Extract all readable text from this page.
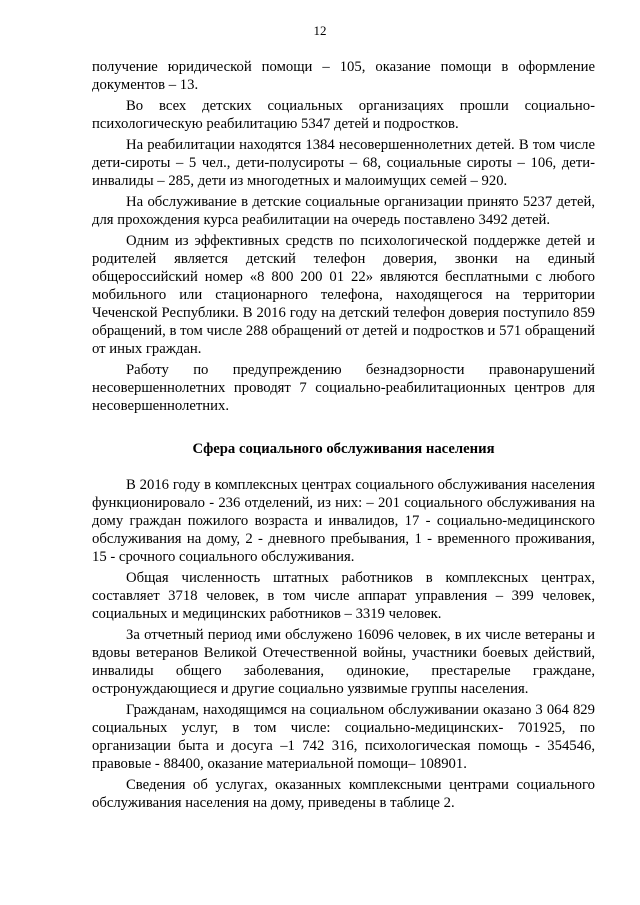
12

получение юридической помощи – 105, оказание помощи в оформление документов – 13.

Во всех детских социальных организациях прошли социально-психологическую реабилитацию 5347 детей и подростков.

На реабилитации находятся 1384 несовершеннолетних детей. В том числе дети-сироты – 5 чел., дети-полусироты – 68, социальные сироты – 106, дети-инвалиды – 285, дети из многодетных и малоимущих семей – 920.

На обслуживание в детские социальные организации принято 5237 детей, для прохождения курса реабилитации на очередь поставлено 3492 детей.

Одним из эффективных средств по психологической поддержке детей и родителей является детский телефон доверия, звонки на единый общероссийский номер «8 800 200 01 22» являются бесплатными с любого мобильного или стационарного телефона, находящегося на территории Чеченской Республики. В 2016 году на детский телефон доверия поступило 859 обращений, в том числе 288 обращений от детей и подростков и 571 обращений от иных граждан.

Работу по предупреждению безнадзорности правонарушений несовершеннолетних проводят 7 социально-реабилитационных центров для несовершеннолетних.

Сфера социального обслуживания населения

В 2016 году в комплексных центрах социального обслуживания населения функционировало - 236 отделений, из них: – 201 социального обслуживания на дому граждан пожилого возраста и инвалидов, 17 - социально-медицинского обслуживания на дому, 2 - дневного пребывания, 1 - временного проживания, 15 - срочного социального обслуживания.

Общая численность штатных работников в комплексных центрах, составляет 3718 человек, в том числе аппарат управления – 399 человек, социальных и медицинских работников – 3319 человек.

За отчетный период ими обслужено 16096 человек, в их числе ветераны и вдовы ветеранов Великой Отечественной войны, участники боевых действий, инвалиды общего заболевания, одинокие, престарелые граждане, остронуждающиеся и другие социально уязвимые группы населения.

Гражданам, находящимся на социальном обслуживании оказано 3 064 829 социальных услуг, в том числе: социально-медицинских- 701925, по организации быта и досуга –1 742 316, психологическая помощь - 354546, правовые - 88400, оказание материальной помощи– 108901.

Сведения об услугах, оказанных комплексными центрами социального обслуживания населения на дому, приведены в таблице 2.
